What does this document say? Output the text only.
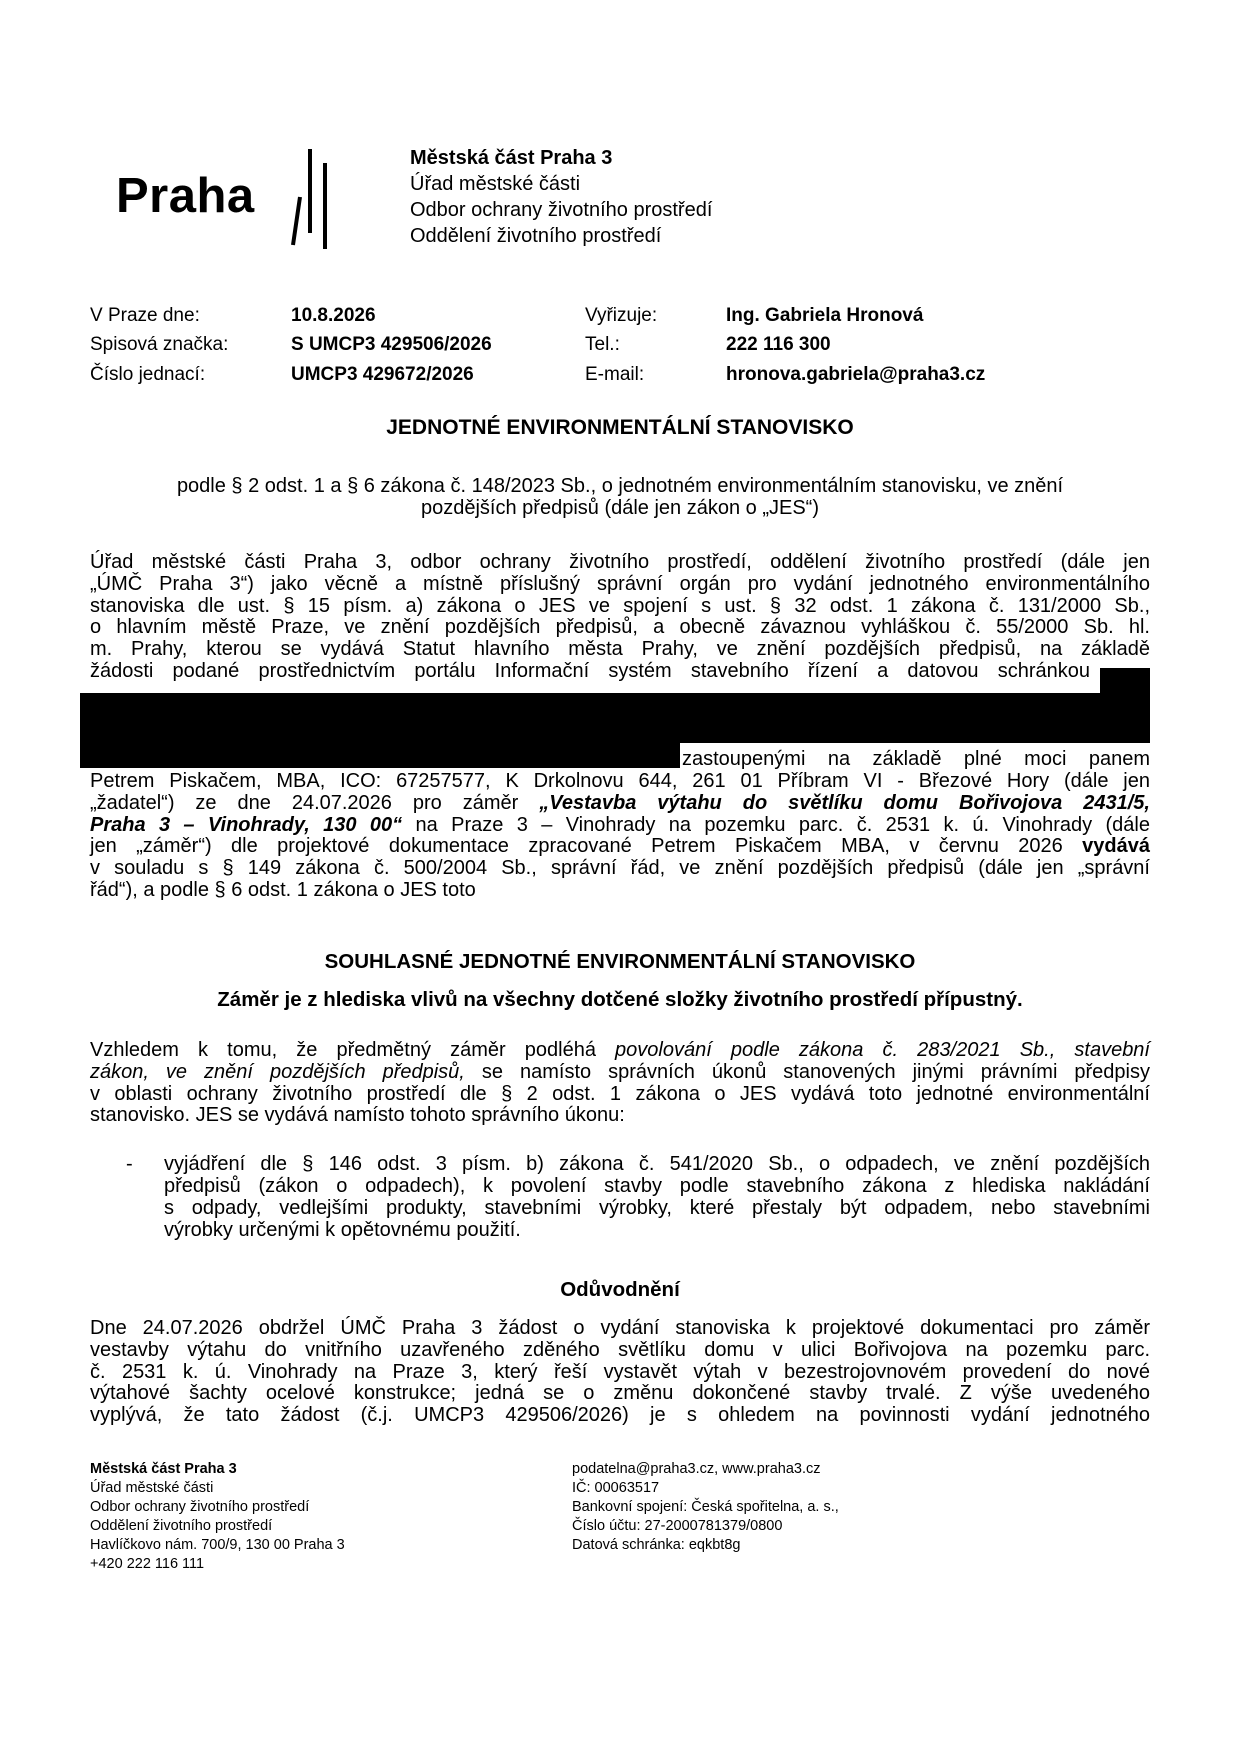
Praha
Městská část Praha 3
Úřad městské části
Odbor ochrany životního prostředí
Oddělení životního prostředí
V Praze dne:	10.8.2026	Vyřizuje:	Ing. Gabriela Hronová
Spisová značka:	S UMCP3 429506/2026	Tel.:	222 116 300
Číslo jednací:	UMCP3 429672/2026	E-mail:	hronova.gabriela@praha3.cz
JEDNOTNÉ ENVIRONMENTÁLNÍ STANOVISKO
podle § 2 odst. 1 a § 6 zákona č. 148/2023 Sb., o jednotném environmentálním stanovisku, ve znění
pozdějších předpisů (dále jen zákon o „JES“)
Úřad městské části Praha 3, odbor ochrany životního prostředí, oddělení životního prostředí (dále jen
„ÚMČ Praha 3“) jako věcně a místně příslušný správní orgán pro vydání jednotného environmentálního
stanoviska dle ust. § 15 písm. a) zákona o JES ve spojení s ust. § 32 odst. 1 zákona č. 131/2000 Sb.,
o hlavním městě Praze, ve znění pozdějších předpisů, a obecně závaznou vyhláškou č. 55/2000 Sb. hl.
m. Prahy, kterou se vydává Statut hlavního města Prahy, ve znění pozdějších předpisů, na základě
žádosti podané prostřednictvím portálu Informační systém stavebního řízení a datovou schránkou
zastoupenými na základě plné moci panem
Petrem Piskačem, MBA, ICO: 67257577, K Drkolnovu 644, 261 01 Příbram VI - Březové Hory (dále jen
„žadatel“) ze dne 24.07.2026 pro záměr „Vestavba výtahu do světlíku domu Bořivojova 2431/5,
Praha 3 – Vinohrady, 130 00“ na Praze 3 – Vinohrady na pozemku parc. č. 2531 k. ú. Vinohrady (dále
jen „záměr“) dle projektové dokumentace zpracované Petrem Piskačem MBA, v červnu 2026 vydává
v souladu s § 149 zákona č. 500/2004 Sb., správní řád, ve znění pozdějších předpisů (dále jen „správní
řád“), a podle § 6 odst. 1 zákona o JES toto
SOUHLASNÉ JEDNOTNÉ ENVIRONMENTÁLNÍ STANOVISKO
Záměr je z hlediska vlivů na všechny dotčené složky životního prostředí přípustný.
Vzhledem k tomu, že předmětný záměr podléhá povolování podle zákona č. 283/2021 Sb., stavební
zákon, ve znění pozdějších předpisů, se namísto správních úkonů stanovených jinými právními předpisy
v oblasti ochrany životního prostředí dle § 2 odst. 1 zákona o JES vydává toto jednotné environmentální
stanovisko. JES se vydává namísto tohoto správního úkonu:
- vyjádření dle § 146 odst. 3 písm. b) zákona č. 541/2020 Sb., o odpadech, ve znění pozdějších
předpisů (zákon o odpadech), k povolení stavby podle stavebního zákona z hlediska nakládání
s odpady, vedlejšími produkty, stavebními výrobky, které přestaly být odpadem, nebo stavebními
výrobky určenými k opětovnému použití.
Odůvodnění
Dne 24.07.2026 obdržel ÚMČ Praha 3 žádost o vydání stanoviska k projektové dokumentaci pro záměr
vestavby výtahu do vnitřního uzavřeného zděného světlíku domu v ulici Bořivojova na pozemku parc.
č. 2531 k. ú. Vinohrady na Praze 3, který řeší vystavět výtah v bezestrojovnovém provedení do nové
výtahové šachty ocelové konstrukce; jedná se o změnu dokončené stavby trvalé. Z výše uvedeného
vyplývá, že tato žádost (č.j. UMCP3 429506/2026) je s ohledem na povinnosti vydání jednotného
Městská část Praha 3
Úřad městské části
Odbor ochrany životního prostředí
Oddělení životního prostředí
Havlíčkovo nám. 700/9, 130 00 Praha 3
+420 222 116 111
podatelna@praha3.cz, www.praha3.cz
IČ: 00063517
Bankovní spojení: Česká spořitelna, a. s.,
Číslo účtu: 27-2000781379/0800
Datová schránka: eqkbt8g
